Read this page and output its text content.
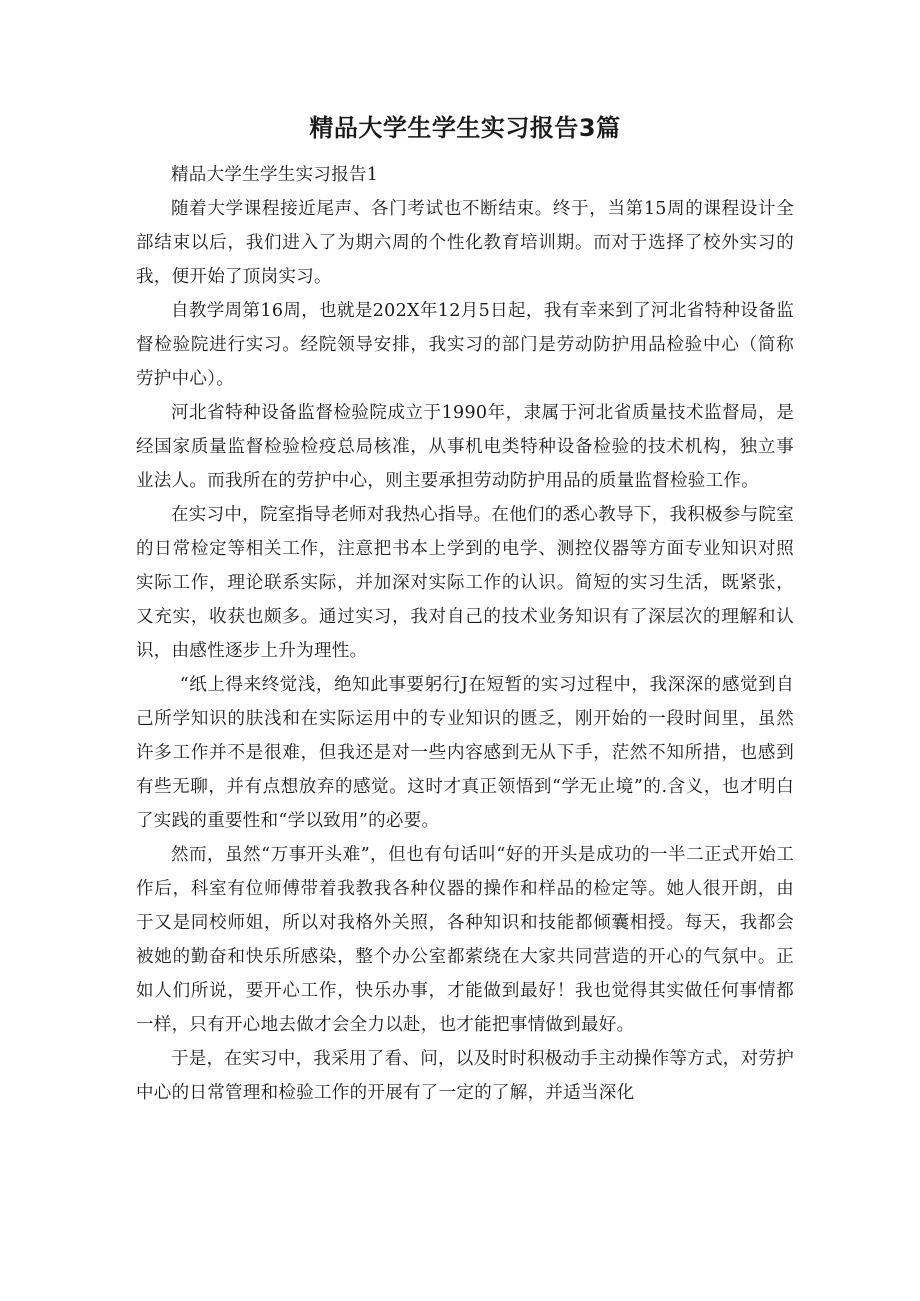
精品大学生学生实习报告3篇

精品大学生学生实习报告1

随着大学课程接近尾声、各门考试也不断结束。终于，当第15周的课程设计全部结束以后，我们进入了为期六周的个性化教育培训期。而对于选择了校外实习的我，便开始了顶岗实习。

自教学周第16周，也就是202X年12月5日起，我有幸来到了河北省特种设备监督检验院进行实习。经院领导安排，我实习的部门是劳动防护用品检验中心（简称劳护中心）。

河北省特种设备监督检验院成立于1990年，隶属于河北省质量技术监督局，是经国家质量监督检验检疫总局核准，从事机电类特种设备检验的技术机构，独立事业法人。而我所在的劳护中心，则主要承担劳动防护用品的质量监督检验工作。

在实习中，院室指导老师对我热心指导。在他们的悉心教导下，我积极参与院室的日常检定等相关工作，注意把书本上学到的电学、测控仪器等方面专业知识对照实际工作，理论联系实际，并加深对实际工作的认识。简短的实习生活，既紧张，又充实，收获也颇多。通过实习，我对自己的技术业务知识有了深层次的理解和认识，由感性逐步上升为理性。

“纸上得来终觉浅，绝知此事要躬行J在短暂的实习过程中，我深深的感觉到自己所学知识的肤浅和在实际运用中的专业知识的匮乏，刚开始的一段时间里，虽然许多工作并不是很难，但我还是对一些内容感到无从下手，茫然不知所措，也感到有些无聊，并有点想放弃的感觉。这时才真正领悟到“学无止境”的.含义，也才明白了实践的重要性和“学以致用”的必要。

然而，虽然“万事开头难”，但也有句话叫“好的开头是成功的一半二正式开始工作后，科室有位师傅带着我教我各种仪器的操作和样品的检定等。她人很开朗，由于又是同校师姐，所以对我格外关照，各种知识和技能都倾囊相授。每天，我都会被她的勤奋和快乐所感染，整个办公室都萦绕在大家共同营造的开心的气氛中。正如人们所说，要开心工作，快乐办事，才能做到最好！我也觉得其实做任何事情都一样，只有开心地去做才会全力以赴，也才能把事情做到最好。

于是，在实习中，我采用了看、问，以及时时积极动手主动操作等方式，对劳护中心的日常管理和检验工作的开展有了一定的了解，并适当深化
